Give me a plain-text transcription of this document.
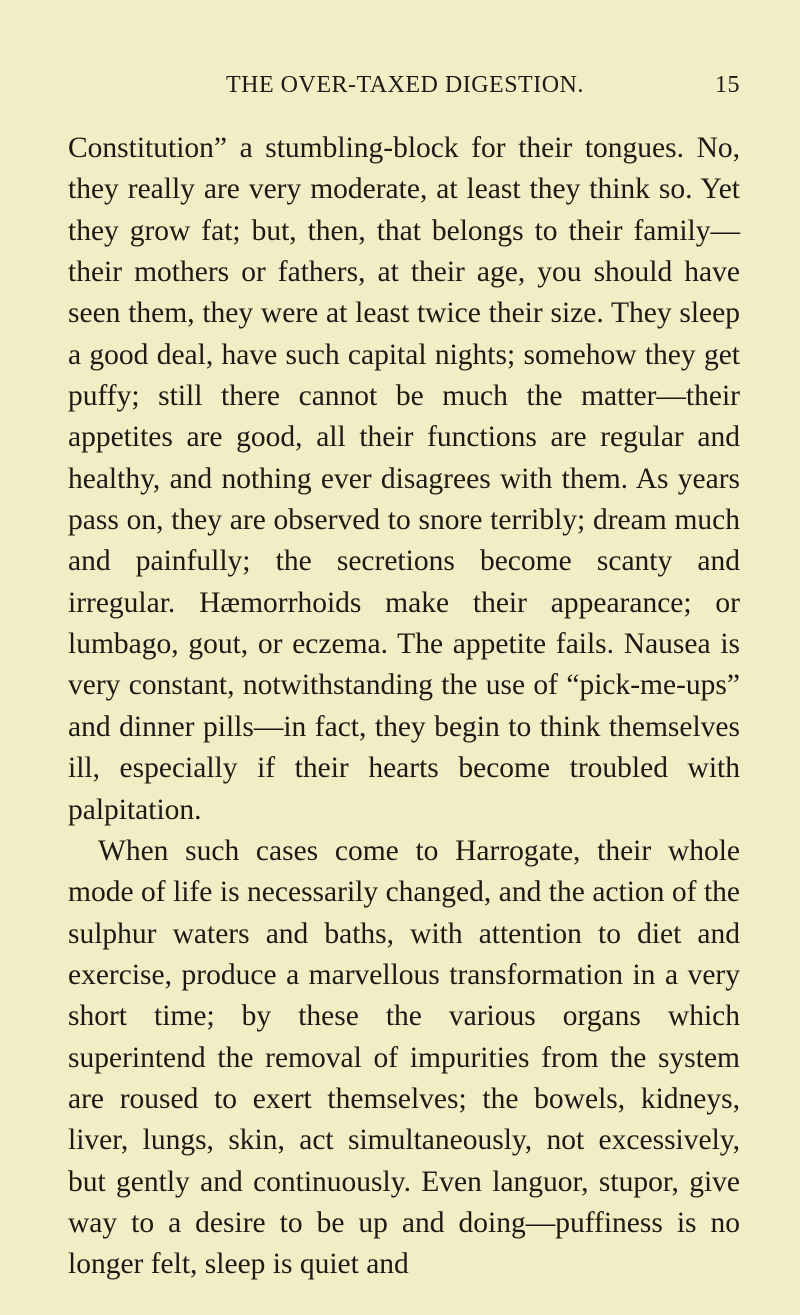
THE OVER-TAXED DIGESTION.	15

Constitution” a stumbling-block for their tongues. No, they really are very moderate, at least they think so. Yet they grow fat; but, then, that belongs to their family—their mothers or fathers, at their age, you should have seen them, they were at least twice their size. They sleep a good deal, have such capital nights; somehow they get puffy; still there cannot be much the matter—their appetites are good, all their functions are regular and healthy, and nothing ever disagrees with them. As years pass on, they are observed to snore terribly; dream much and painfully; the secretions become scanty and irregular. Hæmorrhoids make their appearance; or lumbago, gout, or eczema. The appetite fails. Nausea is very constant, notwithstanding the use of “pick-me-ups” and dinner pills—in fact, they begin to think themselves ill, especially if their hearts become troubled with palpitation.

When such cases come to Harrogate, their whole mode of life is necessarily changed, and the action of the sulphur waters and baths, with attention to diet and exercise, produce a marvellous transformation in a very short time; by these the various organs which superintend the removal of impurities from the system are roused to exert themselves; the bowels, kidneys, liver, lungs, skin, act simultaneously, not excessively, but gently and continuously. Even languor, stupor, give way to a desire to be up and doing—puffiness is no longer felt, sleep is quiet and
